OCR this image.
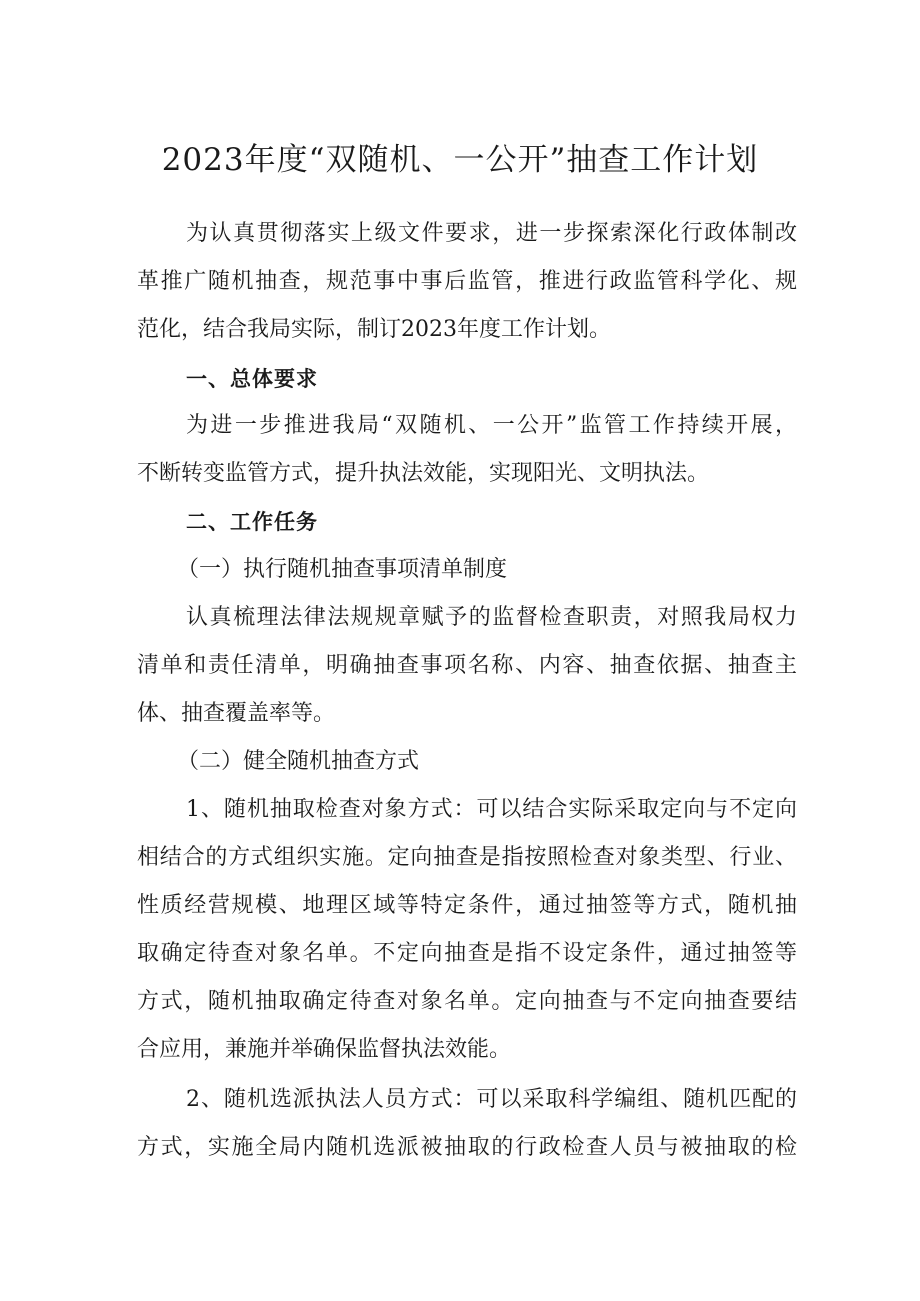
2023年度“双随机、一公开”抽查工作计划
为认真贯彻落实上级文件要求，进一步探索深化行政体制改
革推广随机抽查，规范事中事后监管，推进行政监管科学化、规
范化，结合我局实际，制订2023年度工作计划。
一、总体要求
为进一步推进我局“双随机、一公开”监管工作持续开展，
不断转变监管方式，提升执法效能，实现阳光、文明执法。
二、工作任务
（一）执行随机抽查事项清单制度
认真梳理法律法规规章赋予的监督检查职责，对照我局权力
清单和责任清单，明确抽查事项名称、内容、抽查依据、抽查主
体、抽查覆盖率等。
（二）健全随机抽查方式
1、随机抽取检查对象方式：可以结合实际采取定向与不定向
相结合的方式组织实施。定向抽查是指按照检查对象类型、行业、
性质经营规模、地理区域等特定条件，通过抽签等方式，随机抽
取确定待查对象名单。不定向抽查是指不设定条件，通过抽签等
方式，随机抽取确定待查对象名单。定向抽查与不定向抽查要结
合应用，兼施并举确保监督执法效能。
2、随机选派执法人员方式：可以采取科学编组、随机匹配的
方式，实施全局内随机选派被抽取的行政检查人员与被抽取的检
